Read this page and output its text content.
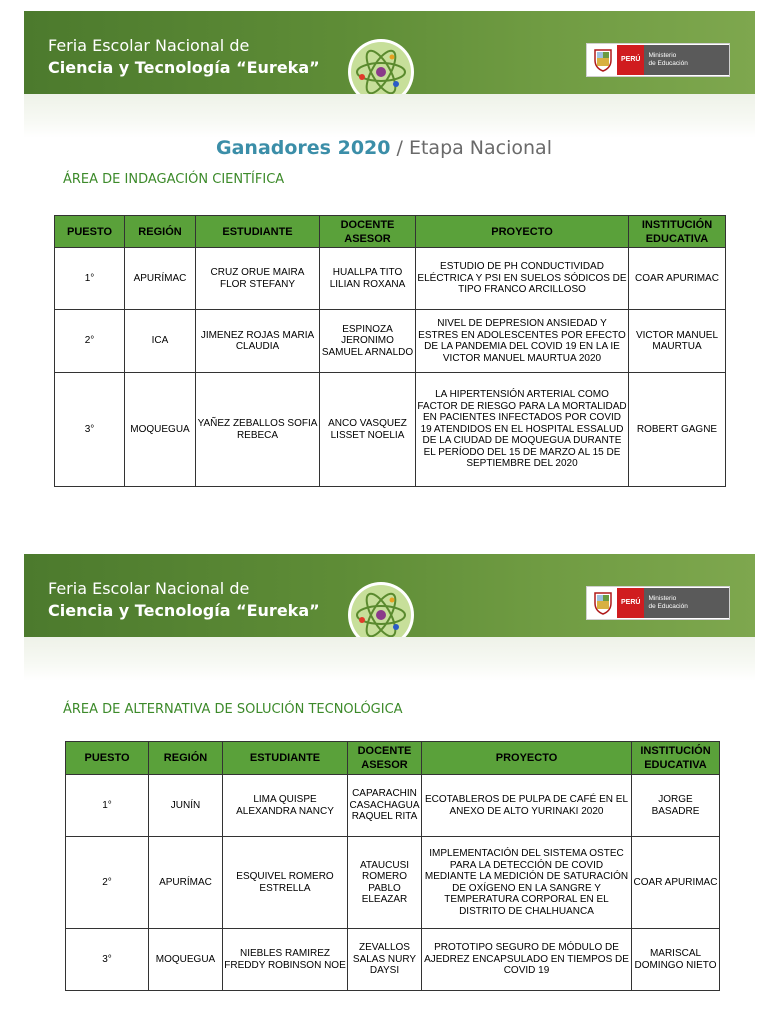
Feria Escolar Nacional de
Ciencia y Tecnología “Eureka”	PERÚ
Ministerio
de Educación
Ganadores 2020 / Etapa Nacional
ÁREA DE INDAGACIÓN CIENTÍFICA
PUESTO	REGIÓN	ESTUDIANTE	DOCENTE ASESOR	PROYECTO	INSTITUCIÓN EDUCATIVA
1°	APURÍMAC	CRUZ ORUE MAIRA FLOR STEFANY	HUALLPA TITO LILIAN ROXANA	ESTUDIO DE PH CONDUCTIVIDAD ELÉCTRICA Y PSI EN SUELOS SÓDICOS DE TIPO FRANCO ARCILLOSO	COAR APURIMAC
2°	ICA	JIMENEZ ROJAS MARIA CLAUDIA	ESPINOZA JERONIMO SAMUEL ARNALDO	NIVEL DE DEPRESION ANSIEDAD Y ESTRES EN ADOLESCENTES POR EFECTO DE LA PANDEMIA DEL COVID 19 EN LA IE VICTOR MANUEL MAURTUA 2020	VICTOR MANUEL MAURTUA
3°	MOQUEGUA	YAÑEZ ZEBALLOS SOFIA REBECA	ANCO VASQUEZ LISSET NOELIA	LA HIPERTENSIÓN ARTERIAL COMO FACTOR DE RIESGO PARA LA MORTALIDAD EN PACIENTES INFECTADOS POR COVID 19 ATENDIDOS EN EL HOSPITAL ESSALUD DE LA CIUDAD DE MOQUEGUA DURANTE EL PERÍODO DEL 15 DE MARZO AL 15 DE SEPTIEMBRE DEL 2020	ROBERT GAGNE
Feria Escolar Nacional de
Ciencia y Tecnología “Eureka”	PERÚ
Ministerio
de Educación
ÁREA DE ALTERNATIVA DE SOLUCIÓN TECNOLÓGICA
PUESTO	REGIÓN	ESTUDIANTE	DOCENTE ASESOR	PROYECTO	INSTITUCIÓN EDUCATIVA
1°	JUNÍN	LIMA QUISPE ALEXANDRA NANCY	CAPARACHIN CASACHAGUA RAQUEL RITA	ECOTABLEROS DE PULPA DE CAFÉ EN EL ANEXO DE ALTO YURINAKI 2020	JORGE BASADRE
2°	APURÍMAC	ESQUIVEL ROMERO ESTRELLA	ATAUCUSI ROMERO PABLO ELEAZAR	IMPLEMENTACIÓN DEL SISTEMA OSTEC PARA LA DETECCIÓN DE COVID MEDIANTE LA MEDICIÓN DE SATURACIÓN DE OXÍGENO EN LA SANGRE Y TEMPERATURA CORPORAL EN EL DISTRITO DE CHALHUANCA	COAR APURIMAC
3°	MOQUEGUA	NIEBLES RAMIREZ FREDDY ROBINSON NOE	ZEVALLOS SALAS NURY DAYSI	PROTOTIPO SEGURO DE MÓDULO DE AJEDREZ ENCAPSULADO EN TIEMPOS DE COVID 19	MARISCAL DOMINGO NIETO
